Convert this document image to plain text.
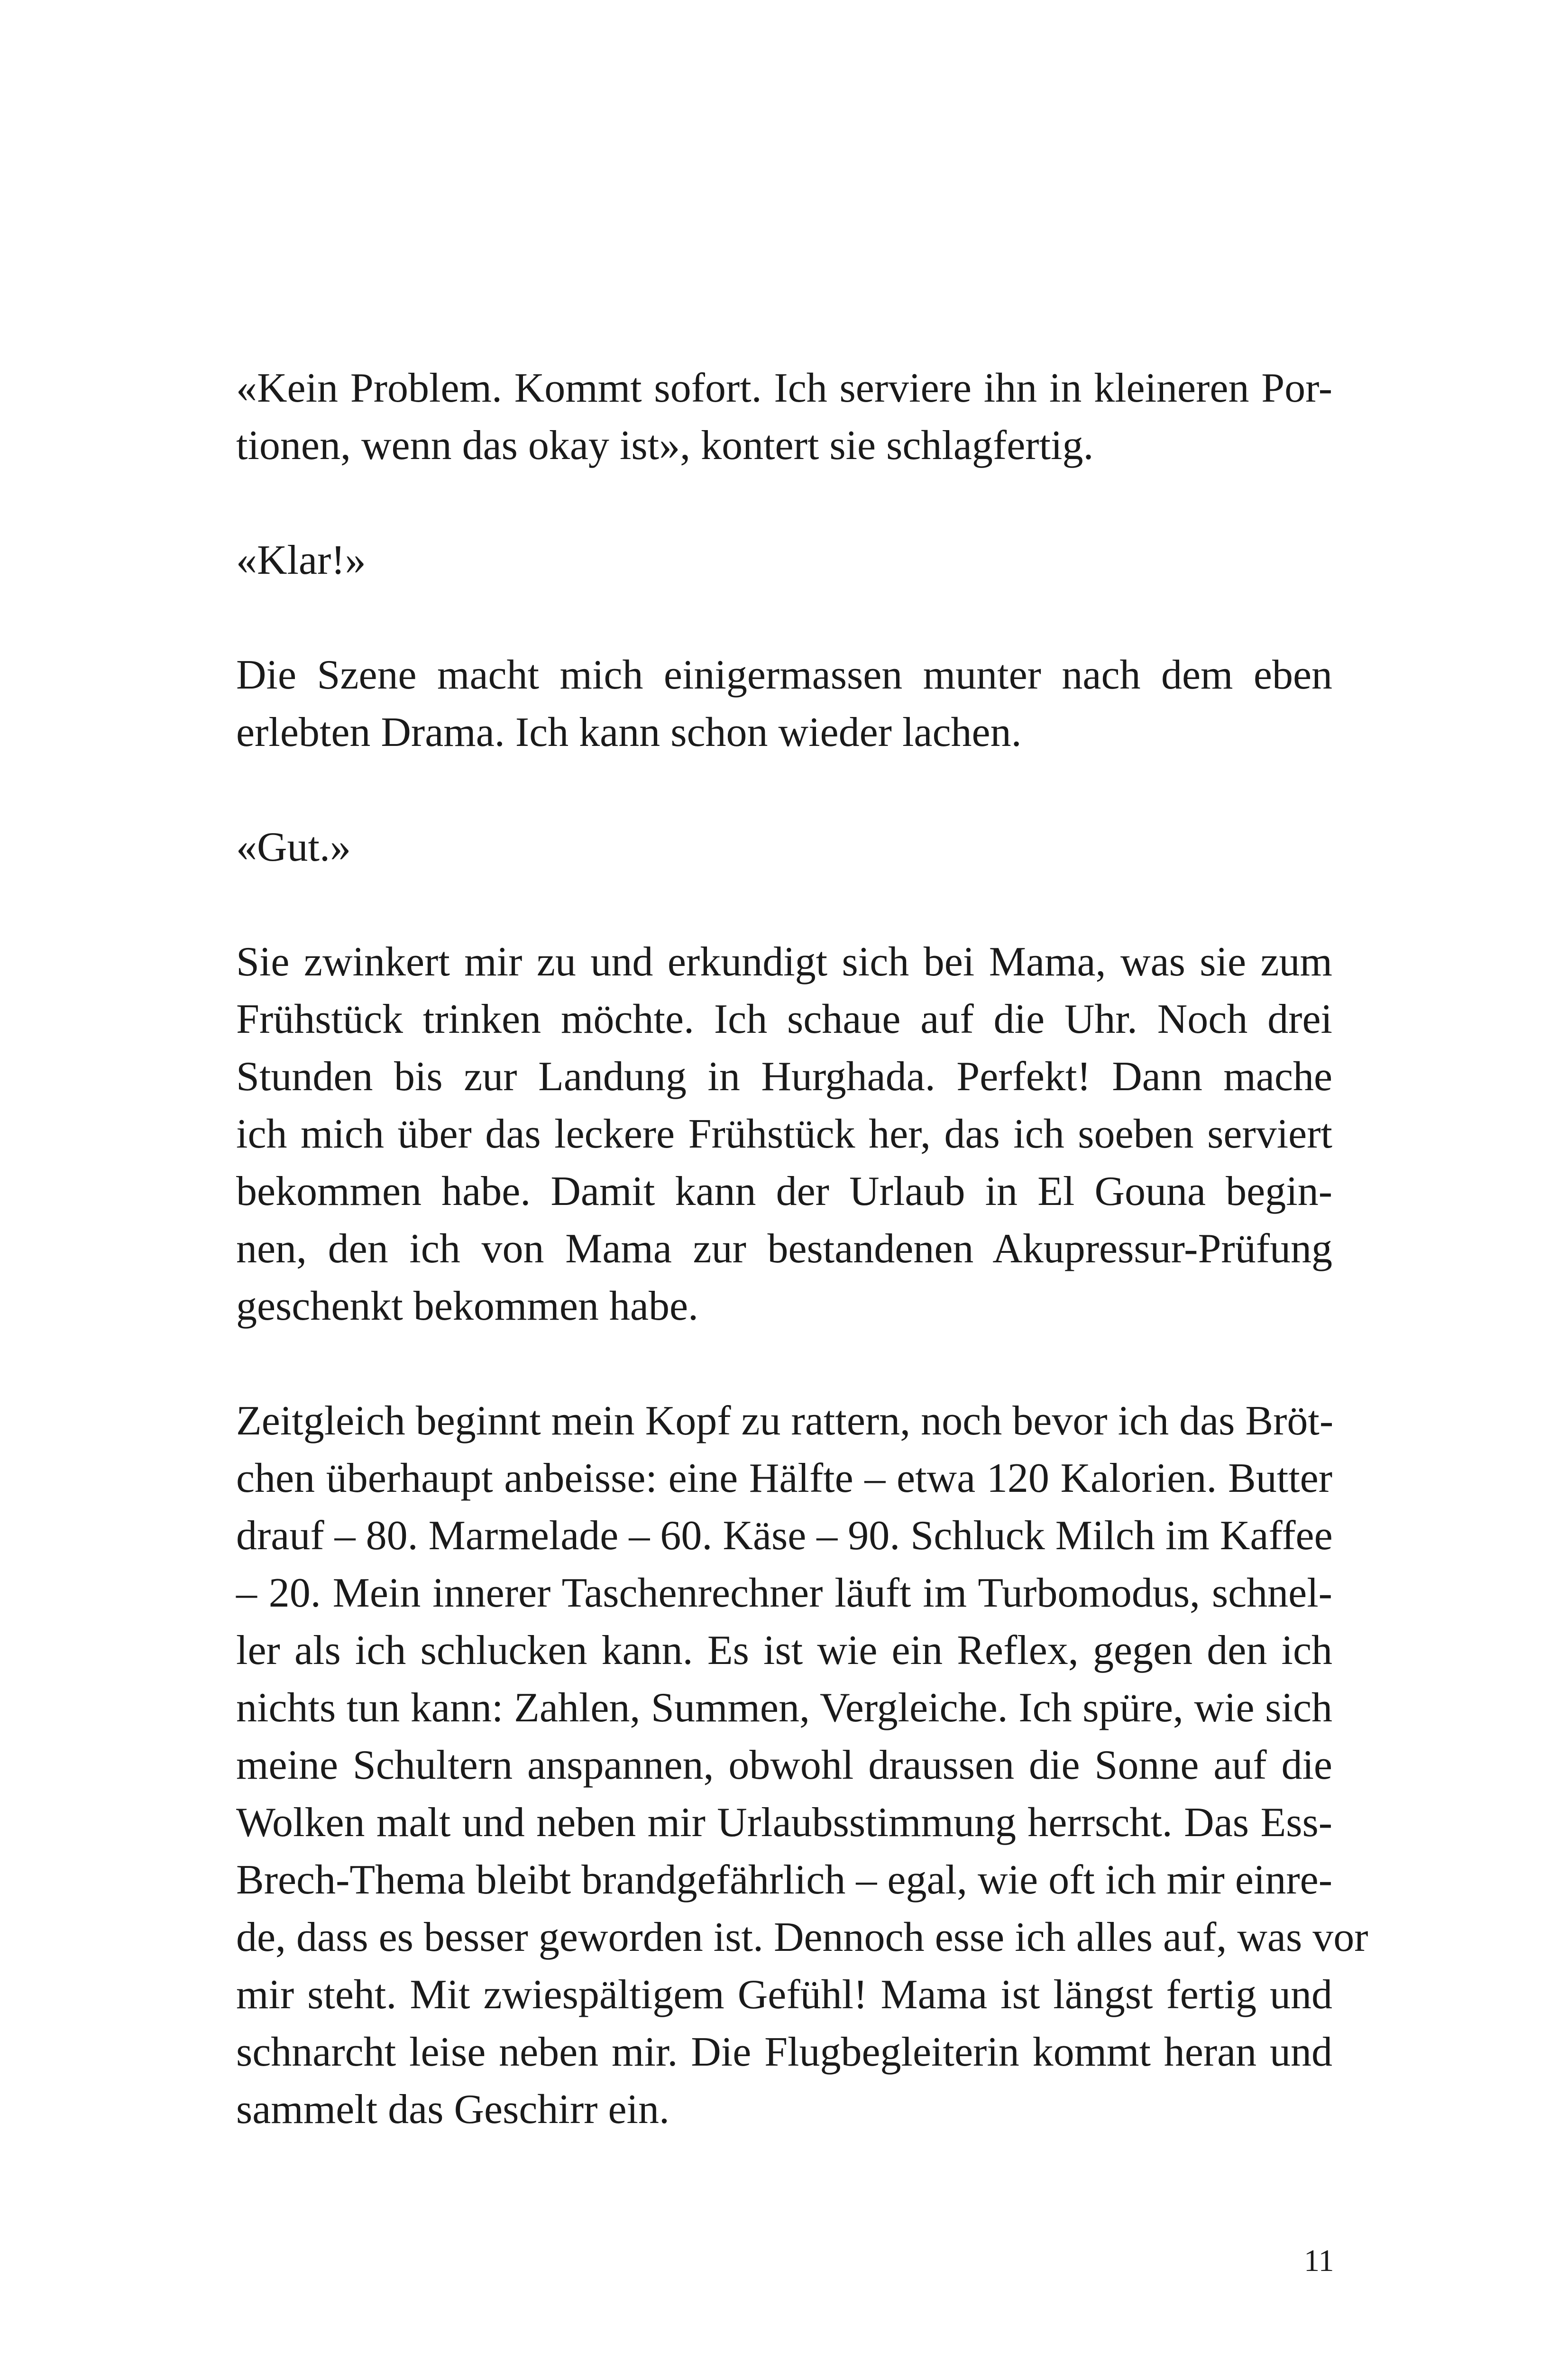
«Kein Problem. Kommt sofort. Ich serviere ihn in kleineren Por-
tionen, wenn das okay ist», kontert sie schlagfertig.
«Klar!»
Die Szene macht mich einigermassen munter nach dem eben
erlebten Drama. Ich kann schon wieder lachen.
«Gut.»
Sie zwinkert mir zu und erkundigt sich bei Mama, was sie zum
Frühstück trinken möchte. Ich schaue auf die Uhr. Noch drei
Stunden bis zur Landung in Hurghada. Perfekt! Dann mache
ich mich über das leckere Frühstück her, das ich soeben serviert
bekommen habe. Damit kann der Urlaub in El Gouna begin-
nen, den ich von Mama zur bestandenen Akupressur-Prüfung
geschenkt bekommen habe.
Zeitgleich beginnt mein Kopf zu rattern, noch bevor ich das Bröt-
chen überhaupt anbeisse: eine Hälfte – etwa 120 Kalorien. Butter
drauf – 80. Marmelade – 60. Käse – 90. Schluck Milch im Kaffee
– 20. Mein innerer Taschenrechner läuft im Turbomodus, schnel-
ler als ich schlucken kann. Es ist wie ein Reflex, gegen den ich
nichts tun kann: Zahlen, Summen, Vergleiche. Ich spüre, wie sich
meine Schultern anspannen, obwohl draussen die Sonne auf die
Wolken malt und neben mir Urlaubsstimmung herrscht. Das Ess-
Brech-Thema bleibt brandgefährlich – egal, wie oft ich mir einre-
de, dass es besser geworden ist. Dennoch esse ich alles auf, was vor
mir steht. Mit zwiespältigem Gefühl! Mama ist längst fertig und
schnarcht leise neben mir. Die Flugbegleiterin kommt heran und
sammelt das Geschirr ein.
11
